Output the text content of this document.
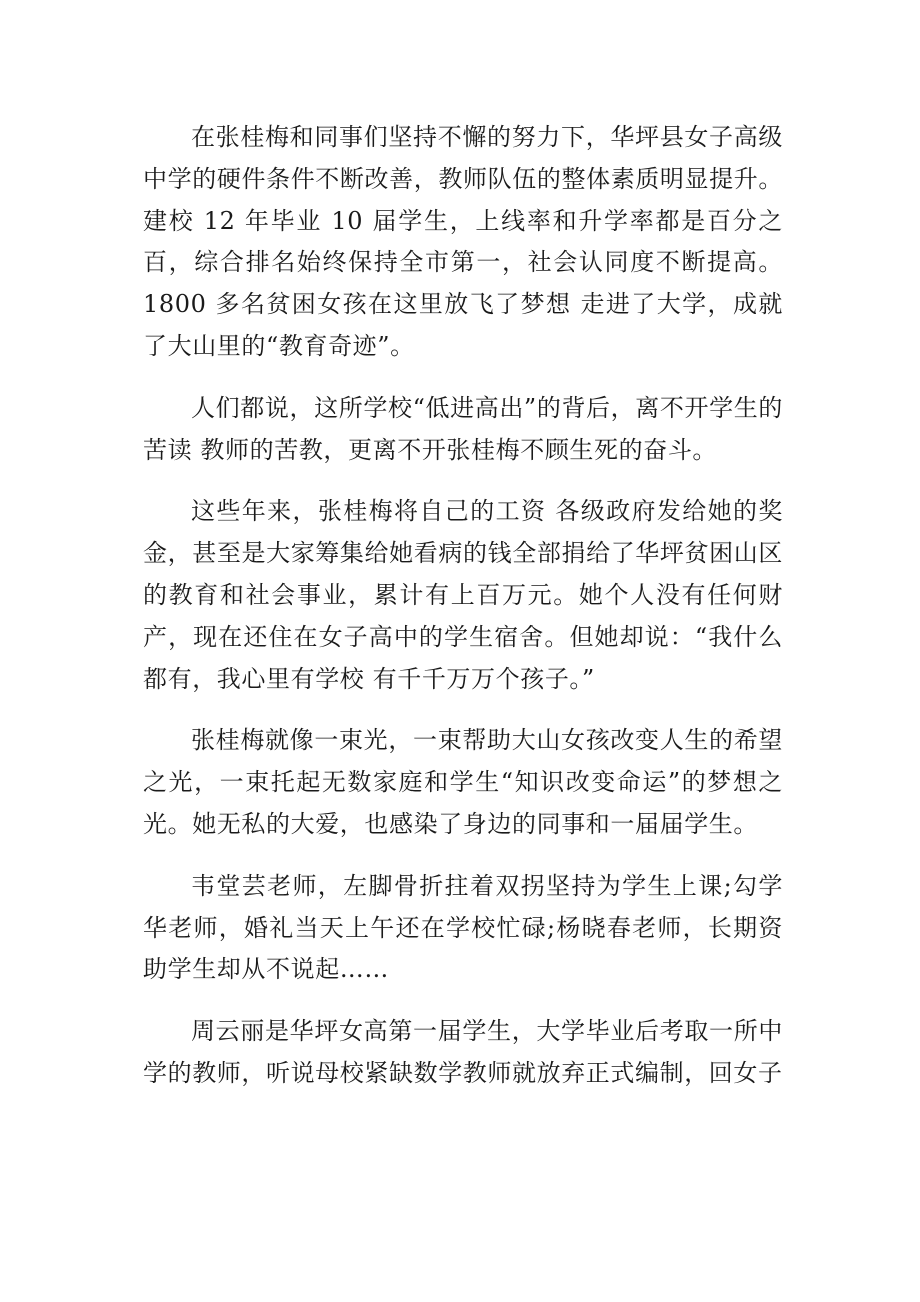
在张桂梅和同事们坚持不懈的努力下，华坪县女子高级中学的硬件条件不断改善，教师队伍的整体素质明显提升。建校 12 年毕业 10 届学生，上线率和升学率都是百分之百，综合排名始终保持全市第一，社会认同度不断提高。1800 多名贫困女孩在这里放飞了梦想 走进了大学，成就了大山里的“教育奇迹”。

人们都说，这所学校“低进高出”的背后，离不开学生的苦读 教师的苦教，更离不开张桂梅不顾生死的奋斗。

这些年来，张桂梅将自己的工资 各级政府发给她的奖金，甚至是大家筹集给她看病的钱全部捐给了华坪贫困山区的教育和社会事业，累计有上百万元。她个人没有任何财产，现在还住在女子高中的学生宿舍。但她却说：“我什么都有，我心里有学校 有千千万万个孩子。”

张桂梅就像一束光，一束帮助大山女孩改变人生的希望之光，一束托起无数家庭和学生“知识改变命运”的梦想之光。她无私的大爱，也感染了身边的同事和一届届学生。

韦堂芸老师，左脚骨折拄着双拐坚持为学生上课;勾学华老师，婚礼当天上午还在学校忙碌;杨晓春老师，长期资助学生却从不说起……

周云丽是华坪女高第一届学生，大学毕业后考取一所中学的教师，听说母校紧缺数学教师就放弃正式编制，回女子
